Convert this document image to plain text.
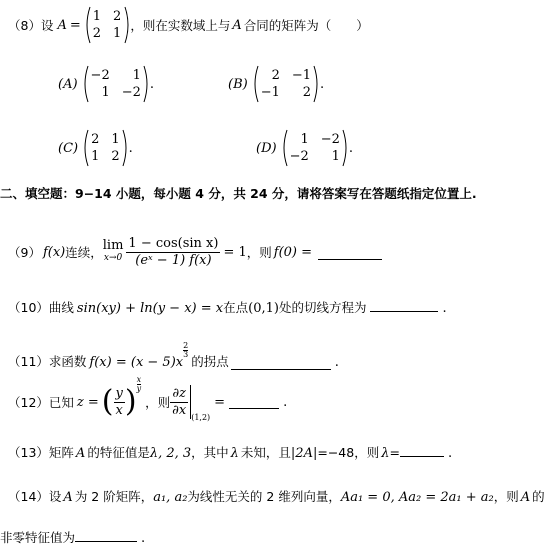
（8） 设 A =
1 2
2 1
，则在实数域上与 A 合同的矩阵为（　　）
(A)
−2	1
1 −2
.	(B)
2 −1
−1	2
.
(C)
2 1
1 2
.	(D)
1 −2
−2	1
.
二、填空题：9−14 小题，每小题 4 分，共 24 分，请将答案写在答题纸指定位置上.
（9） f(x) 连续， lim
$x\to 0 \frac{\text{1 − cos(sin x)}}{\text{(eˣ − 1) f(x)}} = 1$ ，则 f(0) =
（10） 曲线 sin(xy) + ln(y − x) = x 在点 (0,1) 处的切线方程为	.
（11） 求函数 f(x) = (x − 5)x
2
3 的拐点	.
（12） 已知 z = ( $\frac{y}{x}$ )
x
y
，则 $\frac{\partial z}{\partial x} (1,2)$
=	.
（13） 矩阵 A 的特征值是 λ, 2, 3 ，其中 λ 未知，且 |2A| =−48，则 λ =	.
（14） 设 A 为 2 阶矩阵， a₁, a₂ 为线性无关的 2 维列向量， Aa₁ = 0, Aa₂ = 2a₁ + a₂ ，则 A 的
非零特征值为	.
